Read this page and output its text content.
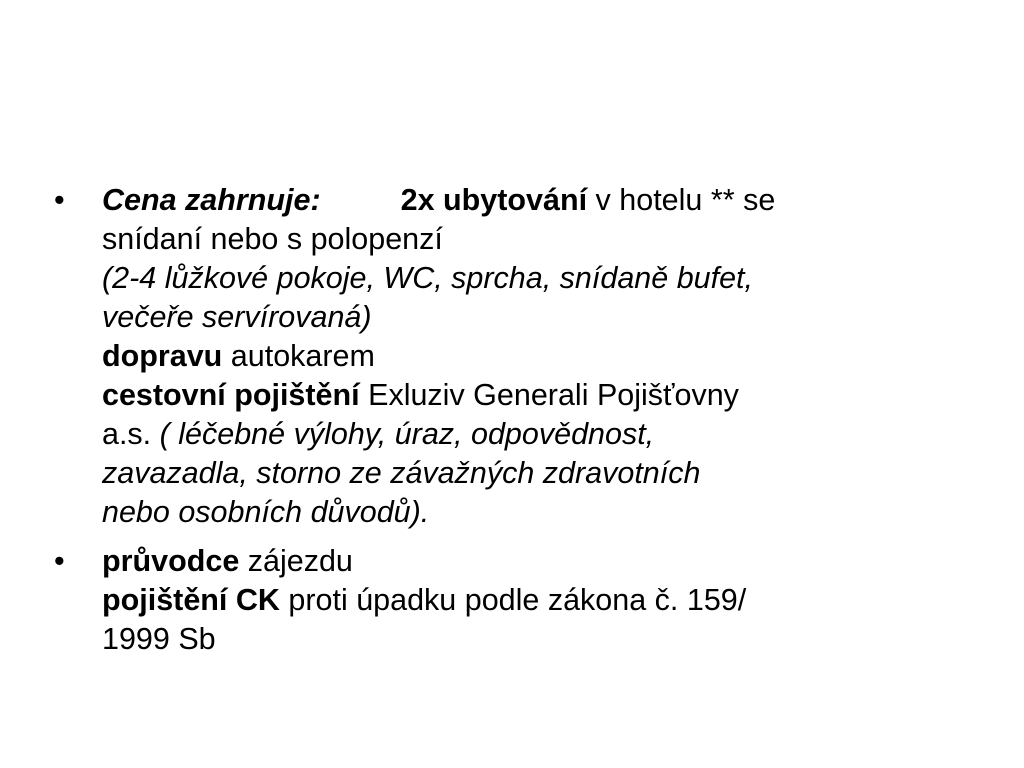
•	Cena zahrnuje:	2x ubytování v hotelu ** se
snídaní nebo s polopenzí
(2-4 lůžkové pokoje, WC, sprcha, snídaně bufet,
večeře servírovaná)
dopravu autokarem
cestovní pojištění Exluziv Generali Pojišťovny
a.s. ( léčebné výlohy, úraz, odpovědnost,
zavazadla, storno ze závažných zdravotních
nebo osobních důvodů).
•	průvodce zájezdu
pojištění CK proti úpadku podle zákona č. 159/
1999 Sb
